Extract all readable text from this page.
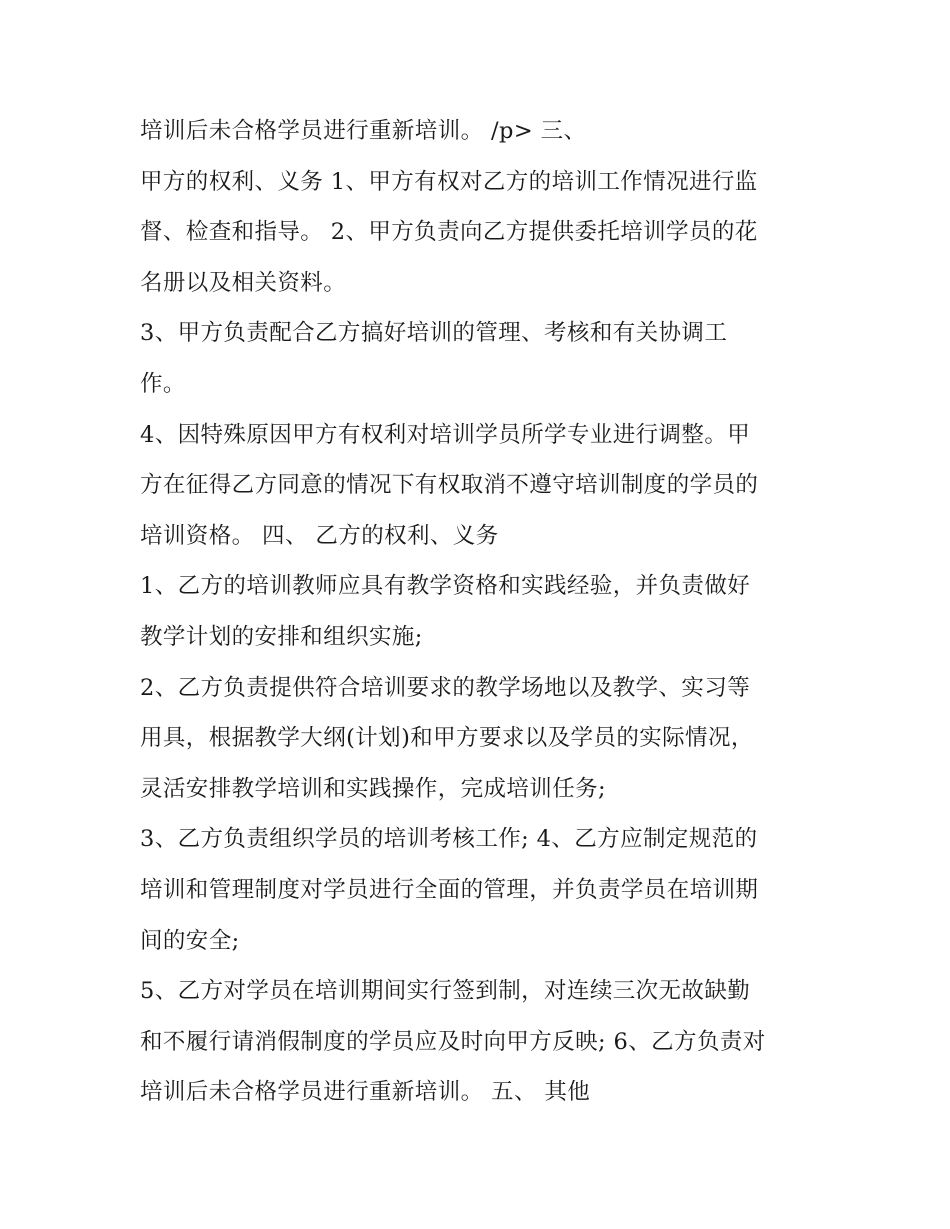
培训后未合格学员进行重新培训。 /p> 三、
甲方的权利、义务 1、甲方有权对乙方的培训工作情况进行监
督、检查和指导。 2、甲方负责向乙方提供委托培训学员的花
名册以及相关资料。
3、甲方负责配合乙方搞好培训的管理、考核和有关协调工
作。
4、因特殊原因甲方有权利对培训学员所学专业进行调整。甲
方在征得乙方同意的情况下有权取消不遵守培训制度的学员的
培训资格。 四、 乙方的权利、义务
1、乙方的培训教师应具有教学资格和实践经验，并负责做好
教学计划的安排和组织实施;
2、乙方负责提供符合培训要求的教学场地以及教学、实习等
用具，根据教学大纲(计划)和甲方要求以及学员的实际情况，
灵活安排教学培训和实践操作，完成培训任务;
3、乙方负责组织学员的培训考核工作; 4、乙方应制定规范的
培训和管理制度对学员进行全面的管理，并负责学员在培训期
间的安全;
5、乙方对学员在培训期间实行签到制，对连续三次无故缺勤
和不履行请消假制度的学员应及时向甲方反映; 6、乙方负责对
培训后未合格学员进行重新培训。 五、 其他
